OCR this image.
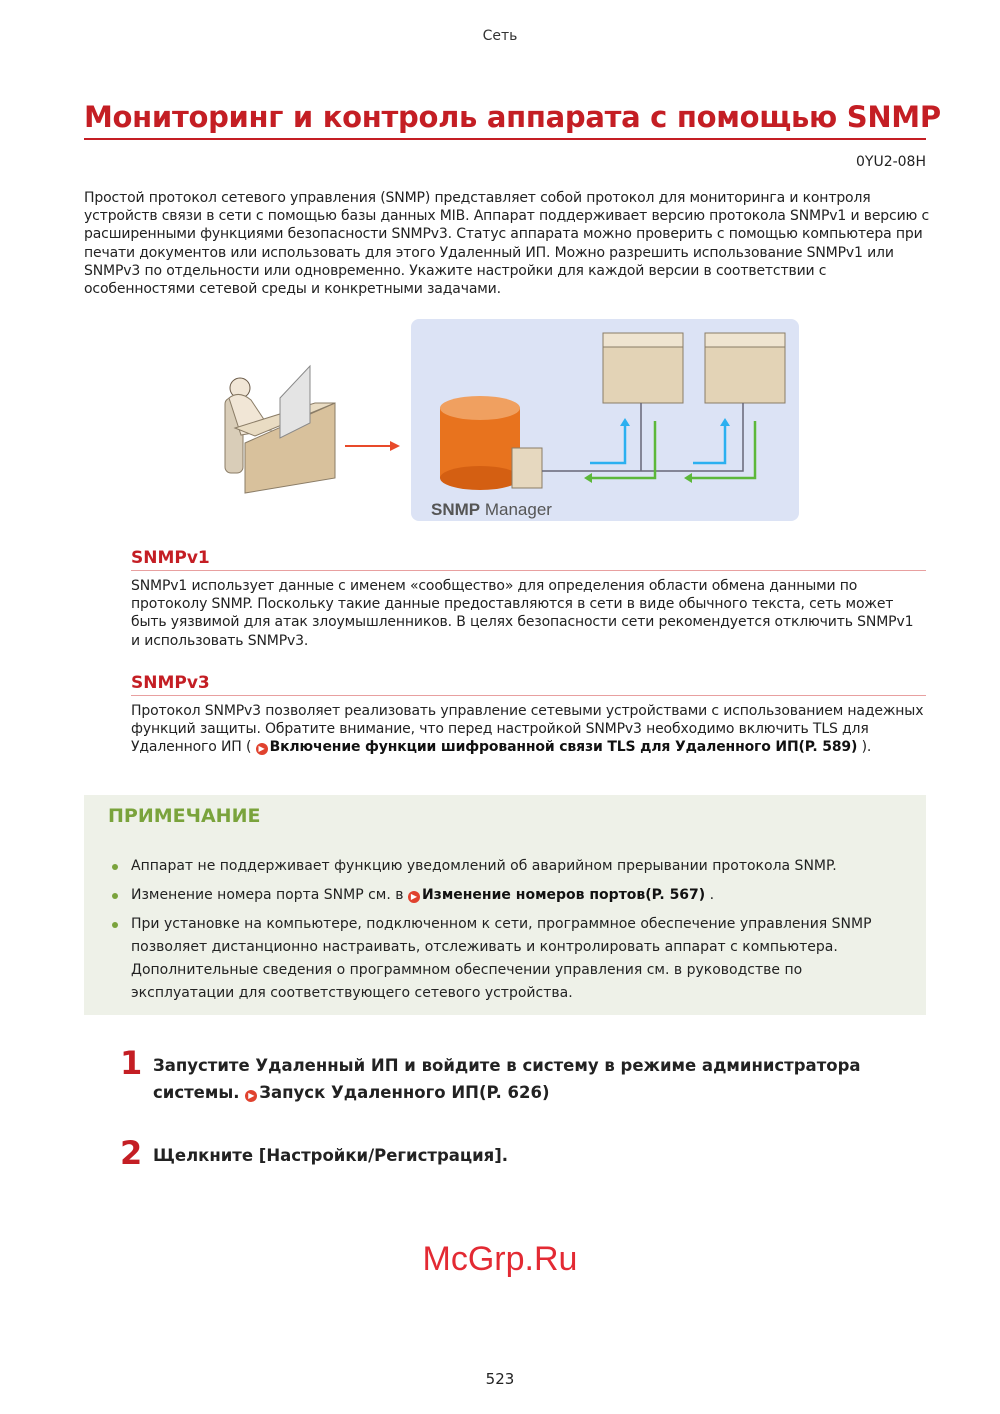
Сеть
Мониторинг и контроль аппарата с помощью SNMP
0YU2-08H
Простой протокол сетевого управления (SNMP) представляет собой протокол для мониторинга и контроля устройств связи в сети с помощью базы данных MIB. Аппарат поддерживает версию протокола SNMPv1 и версию с расширенными функциями безопасности SNMPv3. Статус аппарата можно проверить с помощью компьютера при печати документов или использовать для этого Удаленный ИП. Можно разрешить использование SNMPv1 или SNMPv3 по отдельности или одновременно. Укажите настройки для каждой версии в соответствии с особенностями сетевой среды и конкретными задачами.
SNMP Manager
SNMPv1
SNMPv1 использует данные с именем «сообщество» для определения области обмена данными по протоколу SNMP. Поскольку такие данные предоставляются в сети в виде обычного текста, сеть может быть уязвимой для атак злоумышленников. В целях безопасности сети рекомендуется отключить SNMPv1 и использовать SNMPv3.
SNMPv3
Протокол SNMPv3 позволяет реализовать управление сетевыми устройствами с использованием надежных функций защиты. Обратите внимание, что перед настройкой SNMPv3 необходимо включить TLS для Удаленного ИП ( ▶ Включение функции шифрованной связи TLS для Удаленного ИП(P. 589) ).
ПРИМЕЧАНИЕ
Аппарат не поддерживает функцию уведомлений об аварийном прерывании протокола SNMP.
Изменение номера порта SNMP см. в ▶ Изменение номеров портов(P. 567) .
При установке на компьютере, подключенном к сети, программное обеспечение управления SNMP позволяет дистанционно настраивать, отслеживать и контролировать аппарат с компьютера. Дополнительные сведения о программном обеспечении управления см. в руководстве по эксплуатации для соответствующего сетевого устройства.
1 Запустите Удаленный ИП и войдите в систему в режиме администратора системы. ▶ Запуск Удаленного ИП(P. 626)
2 Щелкните [Настройки/Регистрация].
McGrp.Ru
523
